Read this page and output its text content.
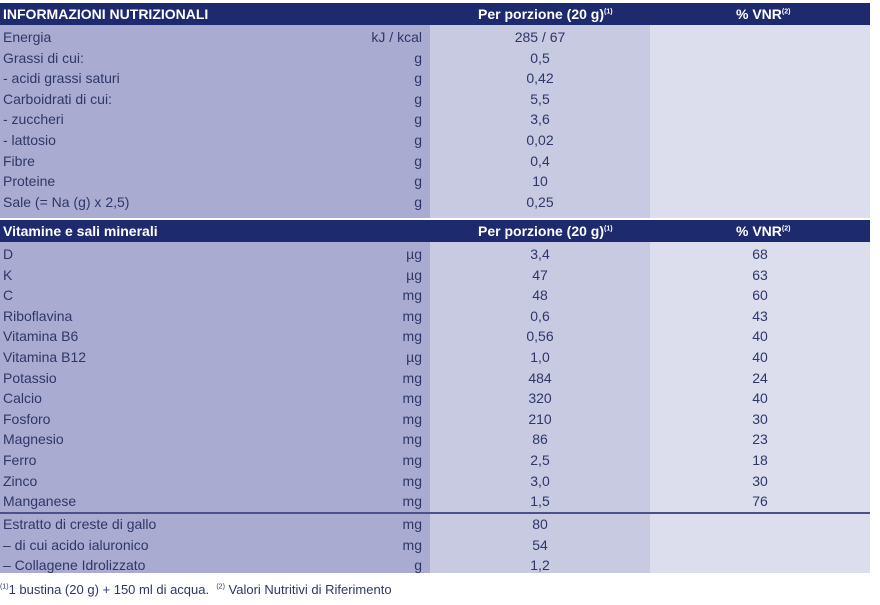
INFORMAZIONI NUTRIZIONALI	Per porzione (20 g)$^{(1)}$	% VNR$^{(2)}$
Energia	kJ / kcal	285 / 67
Grassi di cui:	g	0,5
- acidi grassi saturi	g	0,42
Carboidrati di cui:	g	5,5
- zuccheri	g	3,6
- lattosio	g	0,02
Fibre	g	0,4
Proteine	g	10
Sale (= Na (g) x 2,5)	g	0,25
Vitamine e sali minerali	Per porzione (20 g)$^{(1)}$	% VNR$^{(2)}$
D	µg	3,4	68
K	µg	47	63
C	mg	48	60
Riboflavina	mg	0,6	43
Vitamina B6	mg	0,56	40
Vitamina B12	µg	1,0	40
Potassio	mg	484	24
Calcio	mg	320	40
Fosforo	mg	210	30
Magnesio	mg	86	23
Ferro	mg	2,5	18
Zinco	mg	3,0	30
Manganese	mg	1,5	76
Estratto di creste di gallo	mg	80
– di cui acido ialuronico	mg	54
– Collagene Idrolizzato	g	1,2
$^{(1)}$1 bustina (20 g) + 150 ml di acqua. $^{(2)}$ Valori Nutritivi di Riferimento
